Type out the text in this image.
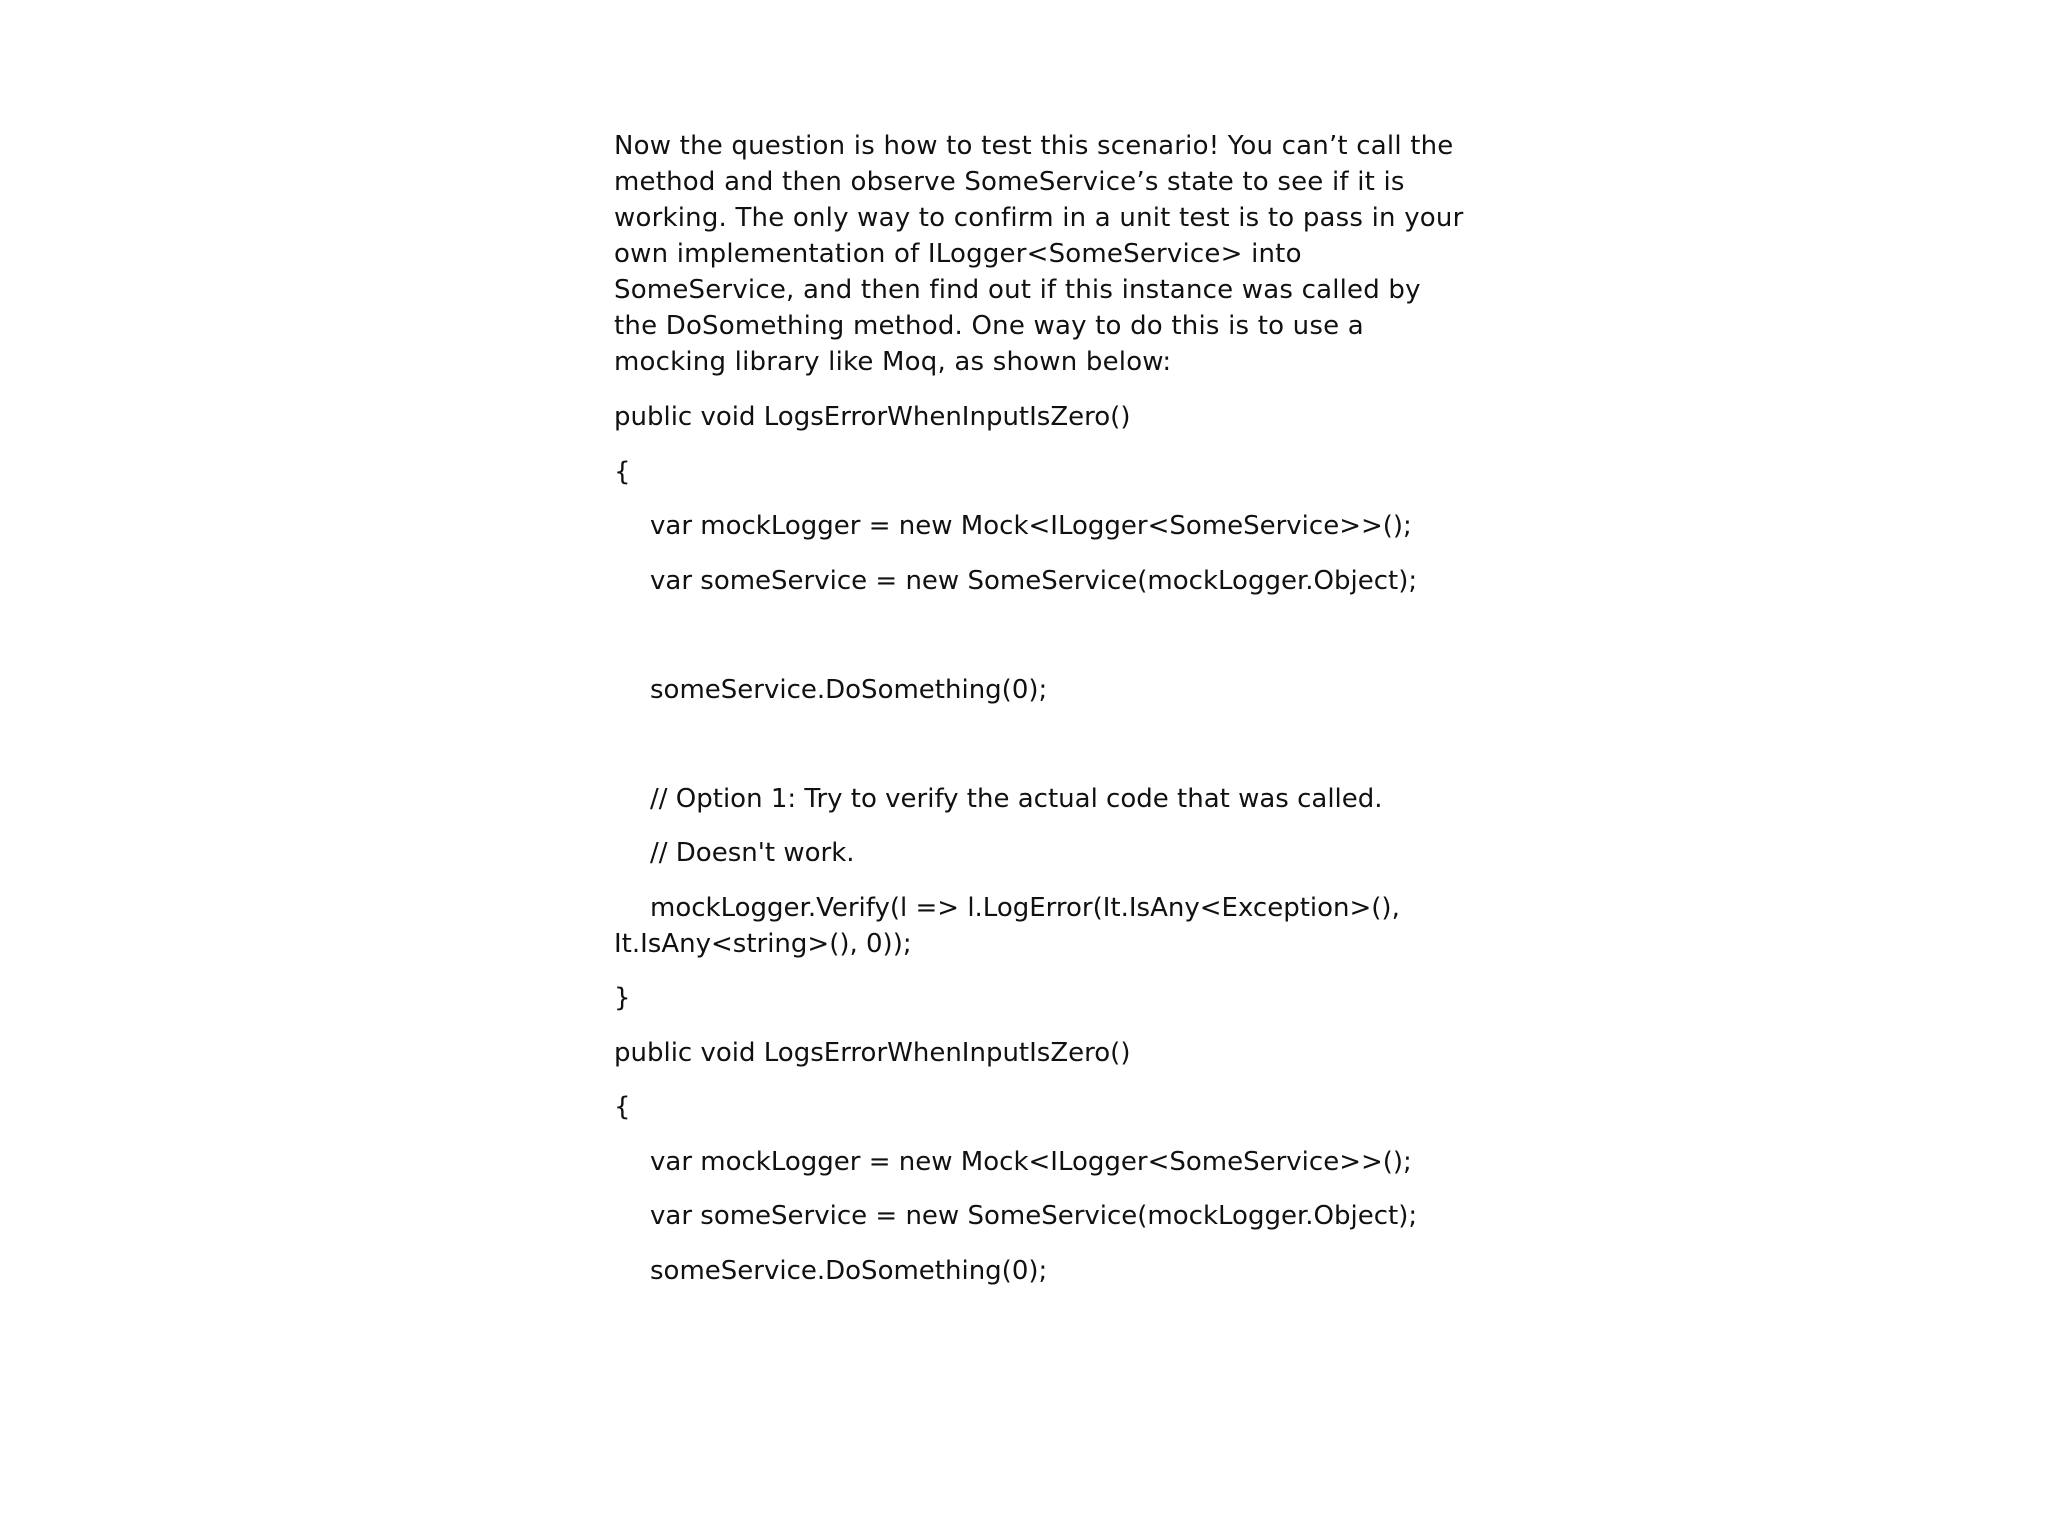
Now the question is how to test this scenario! You can’t call the method and then observe SomeService’s state to see if it is working. The only way to confirm in a unit test is to pass in your own implementation of ILogger<SomeService> into SomeService, and then find out if this instance was called by the DoSomething method. One way to do this is to use a mocking library like Moq, as shown below:

public void LogsErrorWhenInputIsZero()

{

var mockLogger = new Mock<ILogger<SomeService>>();

var someService = new SomeService(mockLogger.Object);

someService.DoSomething(0);

// Option 1: Try to verify the actual code that was called.

// Doesn't work.

mockLogger.Verify(l => l.LogError(It.IsAny<Exception>(),

It.IsAny<string>(), 0));

}

public void LogsErrorWhenInputIsZero()

{

var mockLogger = new Mock<ILogger<SomeService>>();

var someService = new SomeService(mockLogger.Object);

someService.DoSomething(0);
